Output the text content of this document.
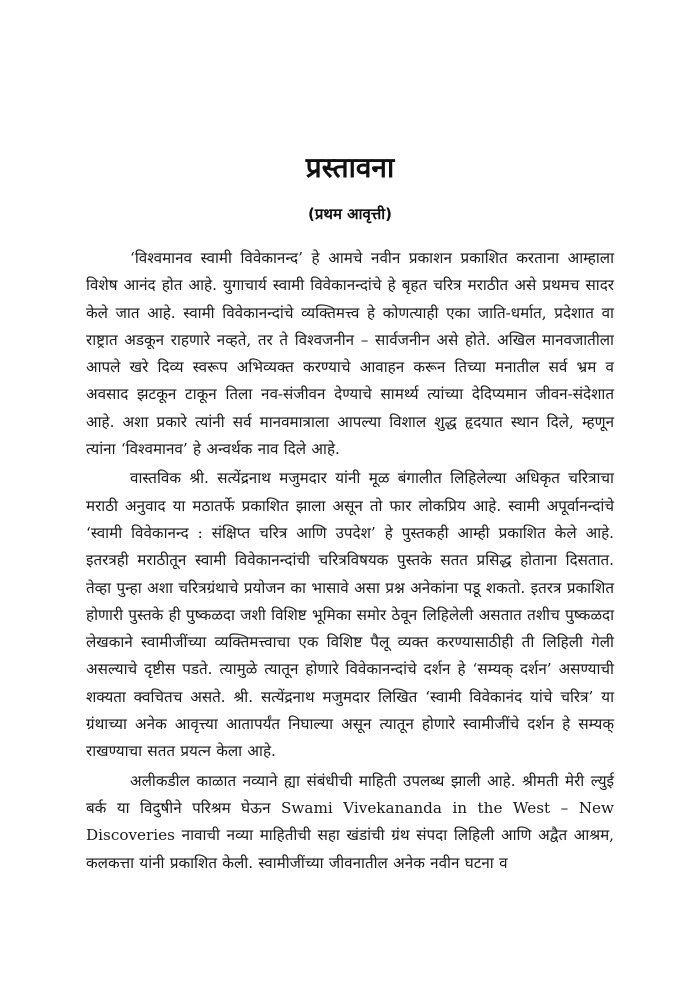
प्रस्तावना
(प्रथम आवृत्ती)

‘विश्वमानव स्वामी विवेकानन्द’ हे आमचे नवीन प्रकाशन प्रकाशित करताना आम्हाला विशेष आनंद होत आहे. युगाचार्य स्वामी विवेकानन्दांचे हे बृहत चरित्र मराठीत असे प्रथमच सादर केले जात आहे. स्वामी विवेकानन्दांचे व्यक्तिमत्त्व हे कोणत्याही एका जाति-धर्मात, प्रदेशात वा राष्ट्रात अडकून राहणारे नव्हते, तर ते विश्वजनीन – सार्वजनीन असे होते. अखिल मानवजातीला आपले खरे दिव्य स्वरूप अभिव्यक्त करण्याचे आवाहन करून तिच्या मनातील सर्व भ्रम व अवसाद झटकून टाकून तिला नव-संजीवन देण्याचे सामर्थ्य त्यांच्या देदिप्यमान जीवन-संदेशात आहे. अशा प्रकारे त्यांनी सर्व मानवमात्राला आपल्या विशाल शुद्ध हृदयात स्थान दिले, म्हणून त्यांना ‘विश्वमानव’ हे अन्वर्थक नाव दिले आहे.

वास्तविक श्री. सत्येंद्रनाथ मजुमदार यांनी मूळ बंगालीत लिहिलेल्या अधिकृत चरित्राचा मराठी अनुवाद या मठातर्फे प्रकाशित झाला असून तो फार लोकप्रिय आहे. स्वामी अपूर्वानन्दांचे ‘स्वामी विवेकानन्द : संक्षिप्त चरित्र आणि उपदेश’ हे पुस्तकही आम्ही प्रकाशित केले आहे. इतरत्रही मराठीतून स्वामी विवेकानन्दांची चरित्रविषयक पुस्तके सतत प्रसिद्ध होताना दिसतात. तेव्हा पुन्हा अशा चरित्रग्रंथाचे प्रयोजन का भासावे असा प्रश्न अनेकांना पडू शकतो. इतरत्र प्रकाशित होणारी पुस्तके ही पुष्कळदा जशी विशिष्ट भूमिका समोर ठेवून लिहिलेली असतात तशीच पुष्कळदा लेखकाने स्वामीजींच्या व्यक्तिमत्त्वाचा एक विशिष्ट पैलू व्यक्त करण्यासाठीही ती लिहिली गेली असल्याचे दृष्टीस पडते. त्यामुळे त्यातून होणारे विवेकानन्दांचे दर्शन हे ‘सम्यक् दर्शन’ असण्याची शक्यता क्वचितच असते. श्री. सत्येंद्रनाथ मजुमदार लिखित ‘स्वामी विवेकानंद यांचे चरित्र’ या ग्रंथाच्या अनेक आवृत्त्या आतापर्यंत निघाल्या असून त्यातून होणारे स्वामीजींचे दर्शन हे सम्यक् राखण्याचा सतत प्रयत्न केला आहे.

अलीकडील काळात नव्याने ह्या संबंधीची माहिती उपलब्ध झाली आहे. श्रीमती मेरी ल्युई बर्क या विदुषीने परिश्रम घेऊन Swami Vivekananda in the West – New Discoveries नावाची नव्या माहितीची सहा खंडांची ग्रंथ संपदा लिहिली आणि अद्वैत आश्रम, कलकत्ता यांनी प्रकाशित केली. स्वामीजींच्या जीवनातील अनेक नवीन घटना व
